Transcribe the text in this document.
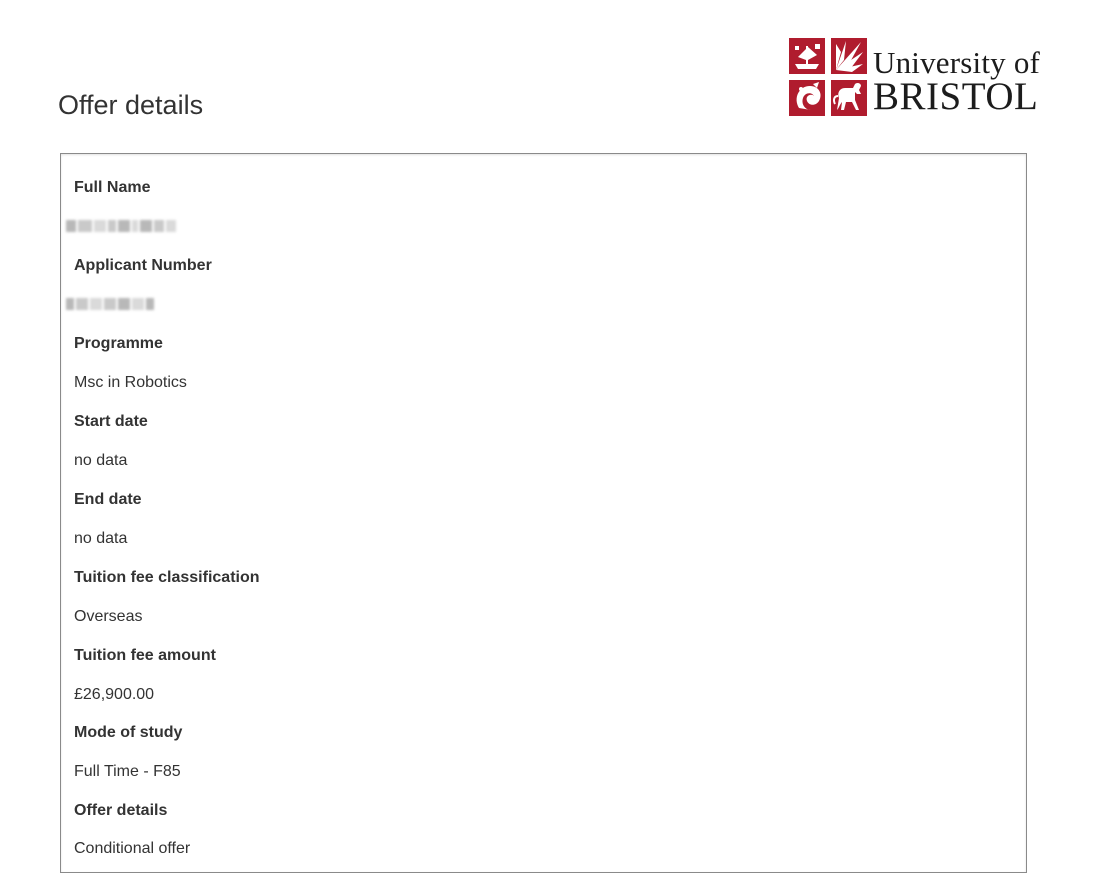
Offer details
University of
BRISTOL
Full Name
Applicant Number
Programme

Msc in Robotics

Start date

no data

End date

no data

Tuition fee classification

Overseas

Tuition fee amount

£26,900.00

Mode of study

Full Time - F85

Offer details

Conditional offer
